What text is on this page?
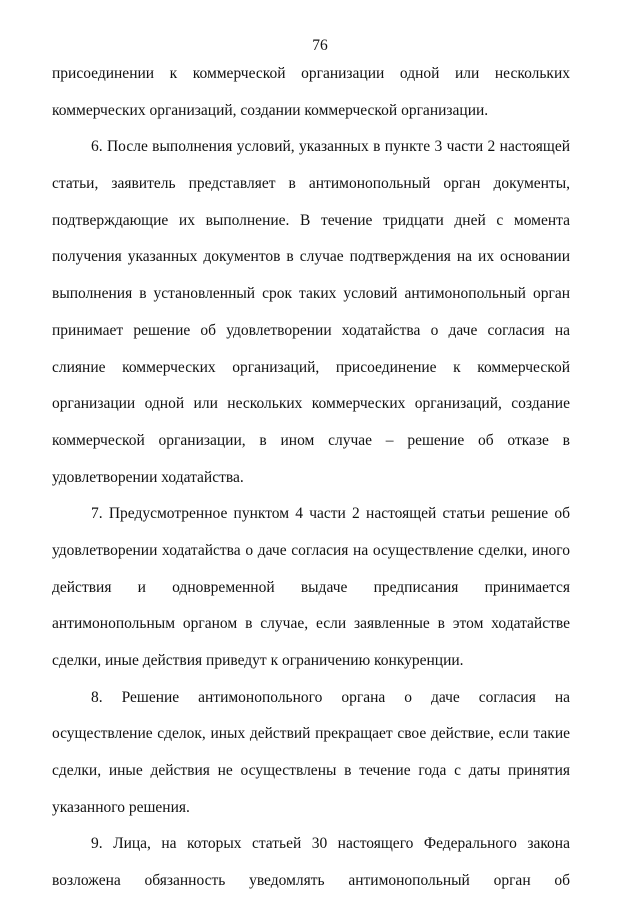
76
присоединении к коммерческой организации одной или нескольких
коммерческих организаций, создании коммерческой организации.
6. После выполнения условий, указанных в пункте 3 части 2 настоящей
статьи, заявитель представляет в антимонопольный орган документы,
подтверждающие их выполнение. В течение тридцати дней с момента
получения указанных документов в случае подтверждения на их основании
выполнения в установленный срок таких условий антимонопольный орган
принимает решение об удовлетворении ходатайства о даче согласия на
слияние коммерческих организаций, присоединение к коммерческой
организации одной или нескольких коммерческих организаций, создание
коммерческой организации, в ином случае – решение об отказе в
удовлетворении ходатайства.
7. Предусмотренное пунктом 4 части 2 настоящей статьи решение об
удовлетворении ходатайства о даче согласия на осуществление сделки, иного
действия и одновременной выдаче предписания принимается
антимонопольным органом в случае, если заявленные в этом ходатайстве
сделки, иные действия приведут к ограничению конкуренции.
8. Решение антимонопольного органа о даче согласия на
осуществление сделок, иных действий прекращает свое действие, если такие
сделки, иные действия не осуществлены в течение года с даты принятия
указанного решения.
9. Лица, на которых статьей 30 настоящего Федерального закона
возложена обязанность уведомлять антимонопольный орган об
